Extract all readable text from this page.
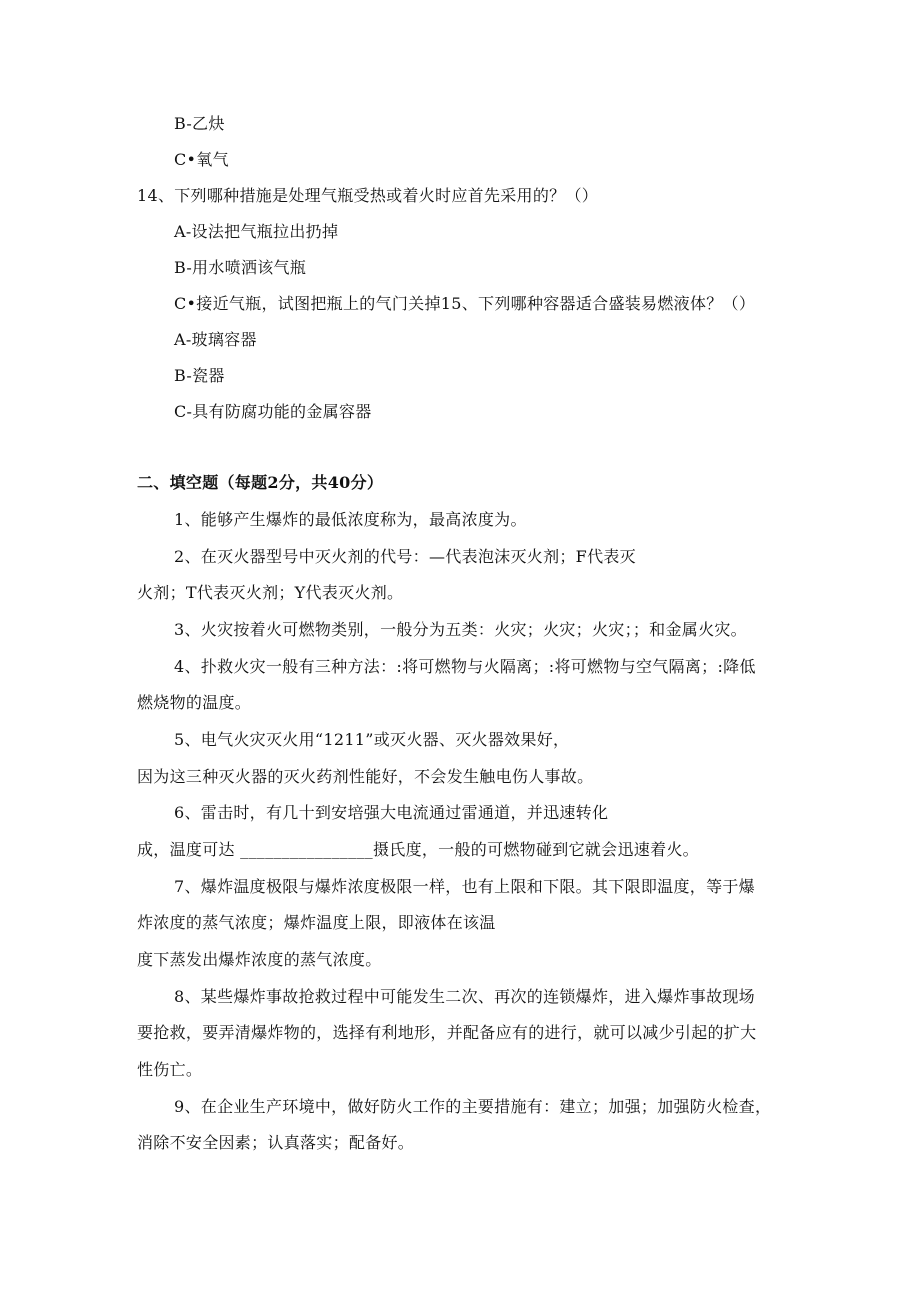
B-乙炔
C•氧气
14、下列哪种措施是处理气瓶受热或着火时应首先采用的？（）
A-设法把气瓶拉出扔掉
B-用水喷洒该气瓶
C•接近气瓶，试图把瓶上的气门关掉15、下列哪种容器适合盛装易燃液体？（）
A-玻璃容器
B-瓷器
C-具有防腐功能的金属容器
二、填空题（每题2分，共40分）
1、能够产生爆炸的最低浓度称为，最高浓度为。
2、在灭火器型号中灭火剂的代号：—代表泡沫灭火剂；F代表灭
火剂；T代表灭火剂；Y代表灭火剂。
3、火灾按着火可燃物类别，一般分为五类：火灾；火灾；火灾；；和金属火灾。
4、扑救火灾一般有三种方法：:将可燃物与火隔离；:将可燃物与空气隔离；:降低
燃烧物的温度。
5、电气火灾灭火用“1211”或灭火器、灭火器效果好，
因为这三种灭火器的灭火药剂性能好，不会发生触电伤人事故。
6、雷击时，有几十到安培强大电流通过雷通道，并迅速转化
成，温度可达 ________________摄氏度，一般的可燃物碰到它就会迅速着火。
7、爆炸温度极限与爆炸浓度极限一样，也有上限和下限。其下限即温度，等于爆
炸浓度的蒸气浓度；爆炸温度上限，即液体在该温
度下蒸发出爆炸浓度的蒸气浓度。
8、某些爆炸事故抢救过程中可能发生二次、再次的连锁爆炸，进入爆炸事故现场
要抢救，要弄清爆炸物的，选择有利地形，并配备应有的进行，就可以减少引起的扩大
性伤亡。
9、在企业生产环境中，做好防火工作的主要措施有：建立；加强；加强防火检查，
消除不安全因素；认真落实；配备好。
